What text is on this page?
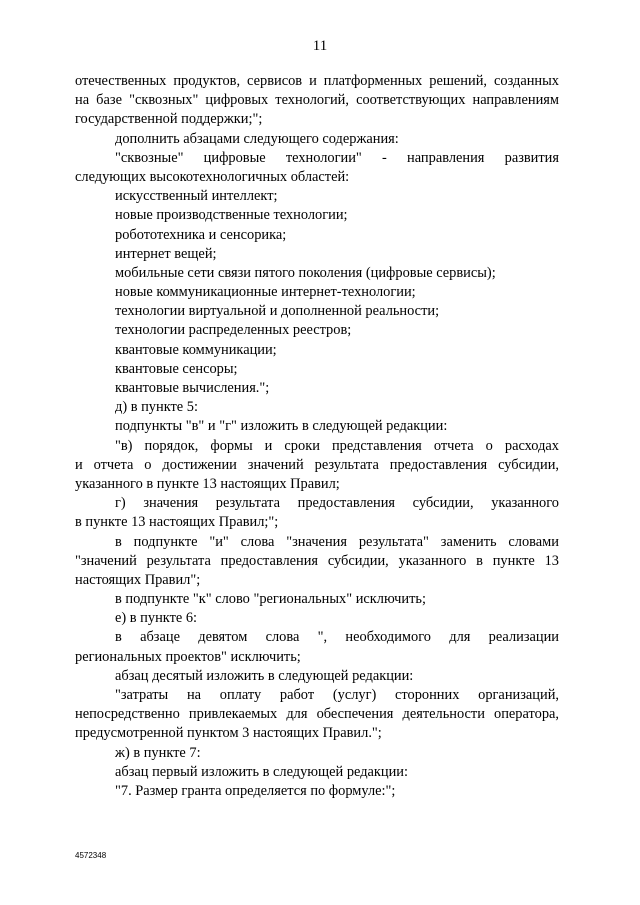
11
отечественных продуктов, сервисов и платформенных решений, созданных
на базе "сквозных" цифровых технологий, соответствующих направлениям
государственной поддержки;";
дополнить абзацами следующего содержания:
"сквозные" цифровые технологии" - направления развития
следующих высокотехнологичных областей:
искусственный интеллект;
новые производственные технологии;
робототехника и сенсорика;
интернет вещей;
мобильные сети связи пятого поколения (цифровые сервисы);
новые коммуникационные интернет-технологии;
технологии виртуальной и дополненной реальности;
технологии распределенных реестров;
квантовые коммуникации;
квантовые сенсоры;
квантовые вычисления.";
д) в пункте 5:
подпункты "в" и "г" изложить в следующей редакции:
"в) порядок, формы и сроки представления отчета о расходах
и отчета о достижении значений результата предоставления субсидии,
указанного в пункте 13 настоящих Правил;
г) значения результата предоставления субсидии, указанного
в пункте 13 настоящих Правил;";
в подпункте "и" слова "значения результата" заменить словами
"значений результата предоставления субсидии, указанного в пункте 13
настоящих Правил";
в подпункте "к" слово "региональных" исключить;
е) в пункте 6:
в абзаце девятом слова ", необходимого для реализации
региональных проектов" исключить;
абзац десятый изложить в следующей редакции:
"затраты на оплату работ (услуг) сторонних организаций,
непосредственно привлекаемых для обеспечения деятельности оператора,
предусмотренной пунктом 3 настоящих Правил.";
ж) в пункте 7:
абзац первый изложить в следующей редакции:
"7. Размер гранта определяется по формуле:";
4572348
